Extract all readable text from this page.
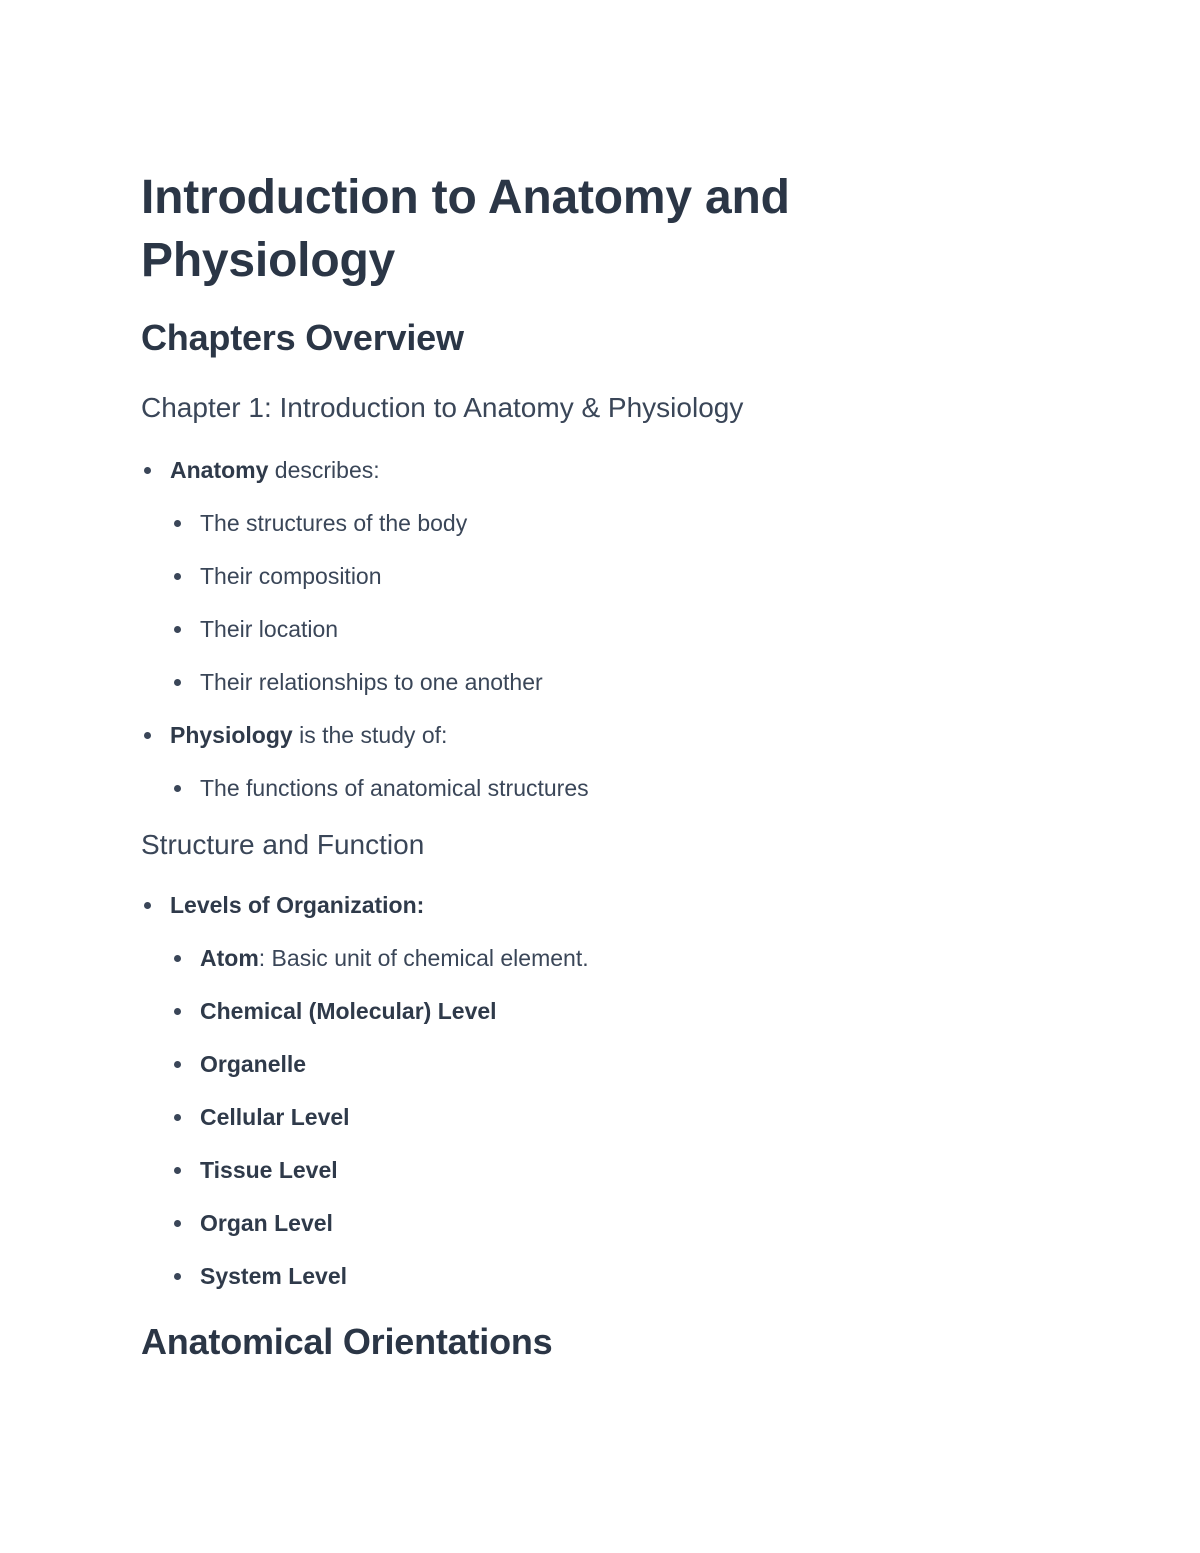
Introduction to Anatomy and Physiology
Chapters Overview
Chapter 1: Introduction to Anatomy & Physiology
Anatomy describes:
The structures of the body
Their composition
Their location
Their relationships to one another
Physiology is the study of:
The functions of anatomical structures
Structure and Function
Levels of Organization:
Atom: Basic unit of chemical element.
Chemical (Molecular) Level
Organelle
Cellular Level
Tissue Level
Organ Level
System Level
Anatomical Orientations
